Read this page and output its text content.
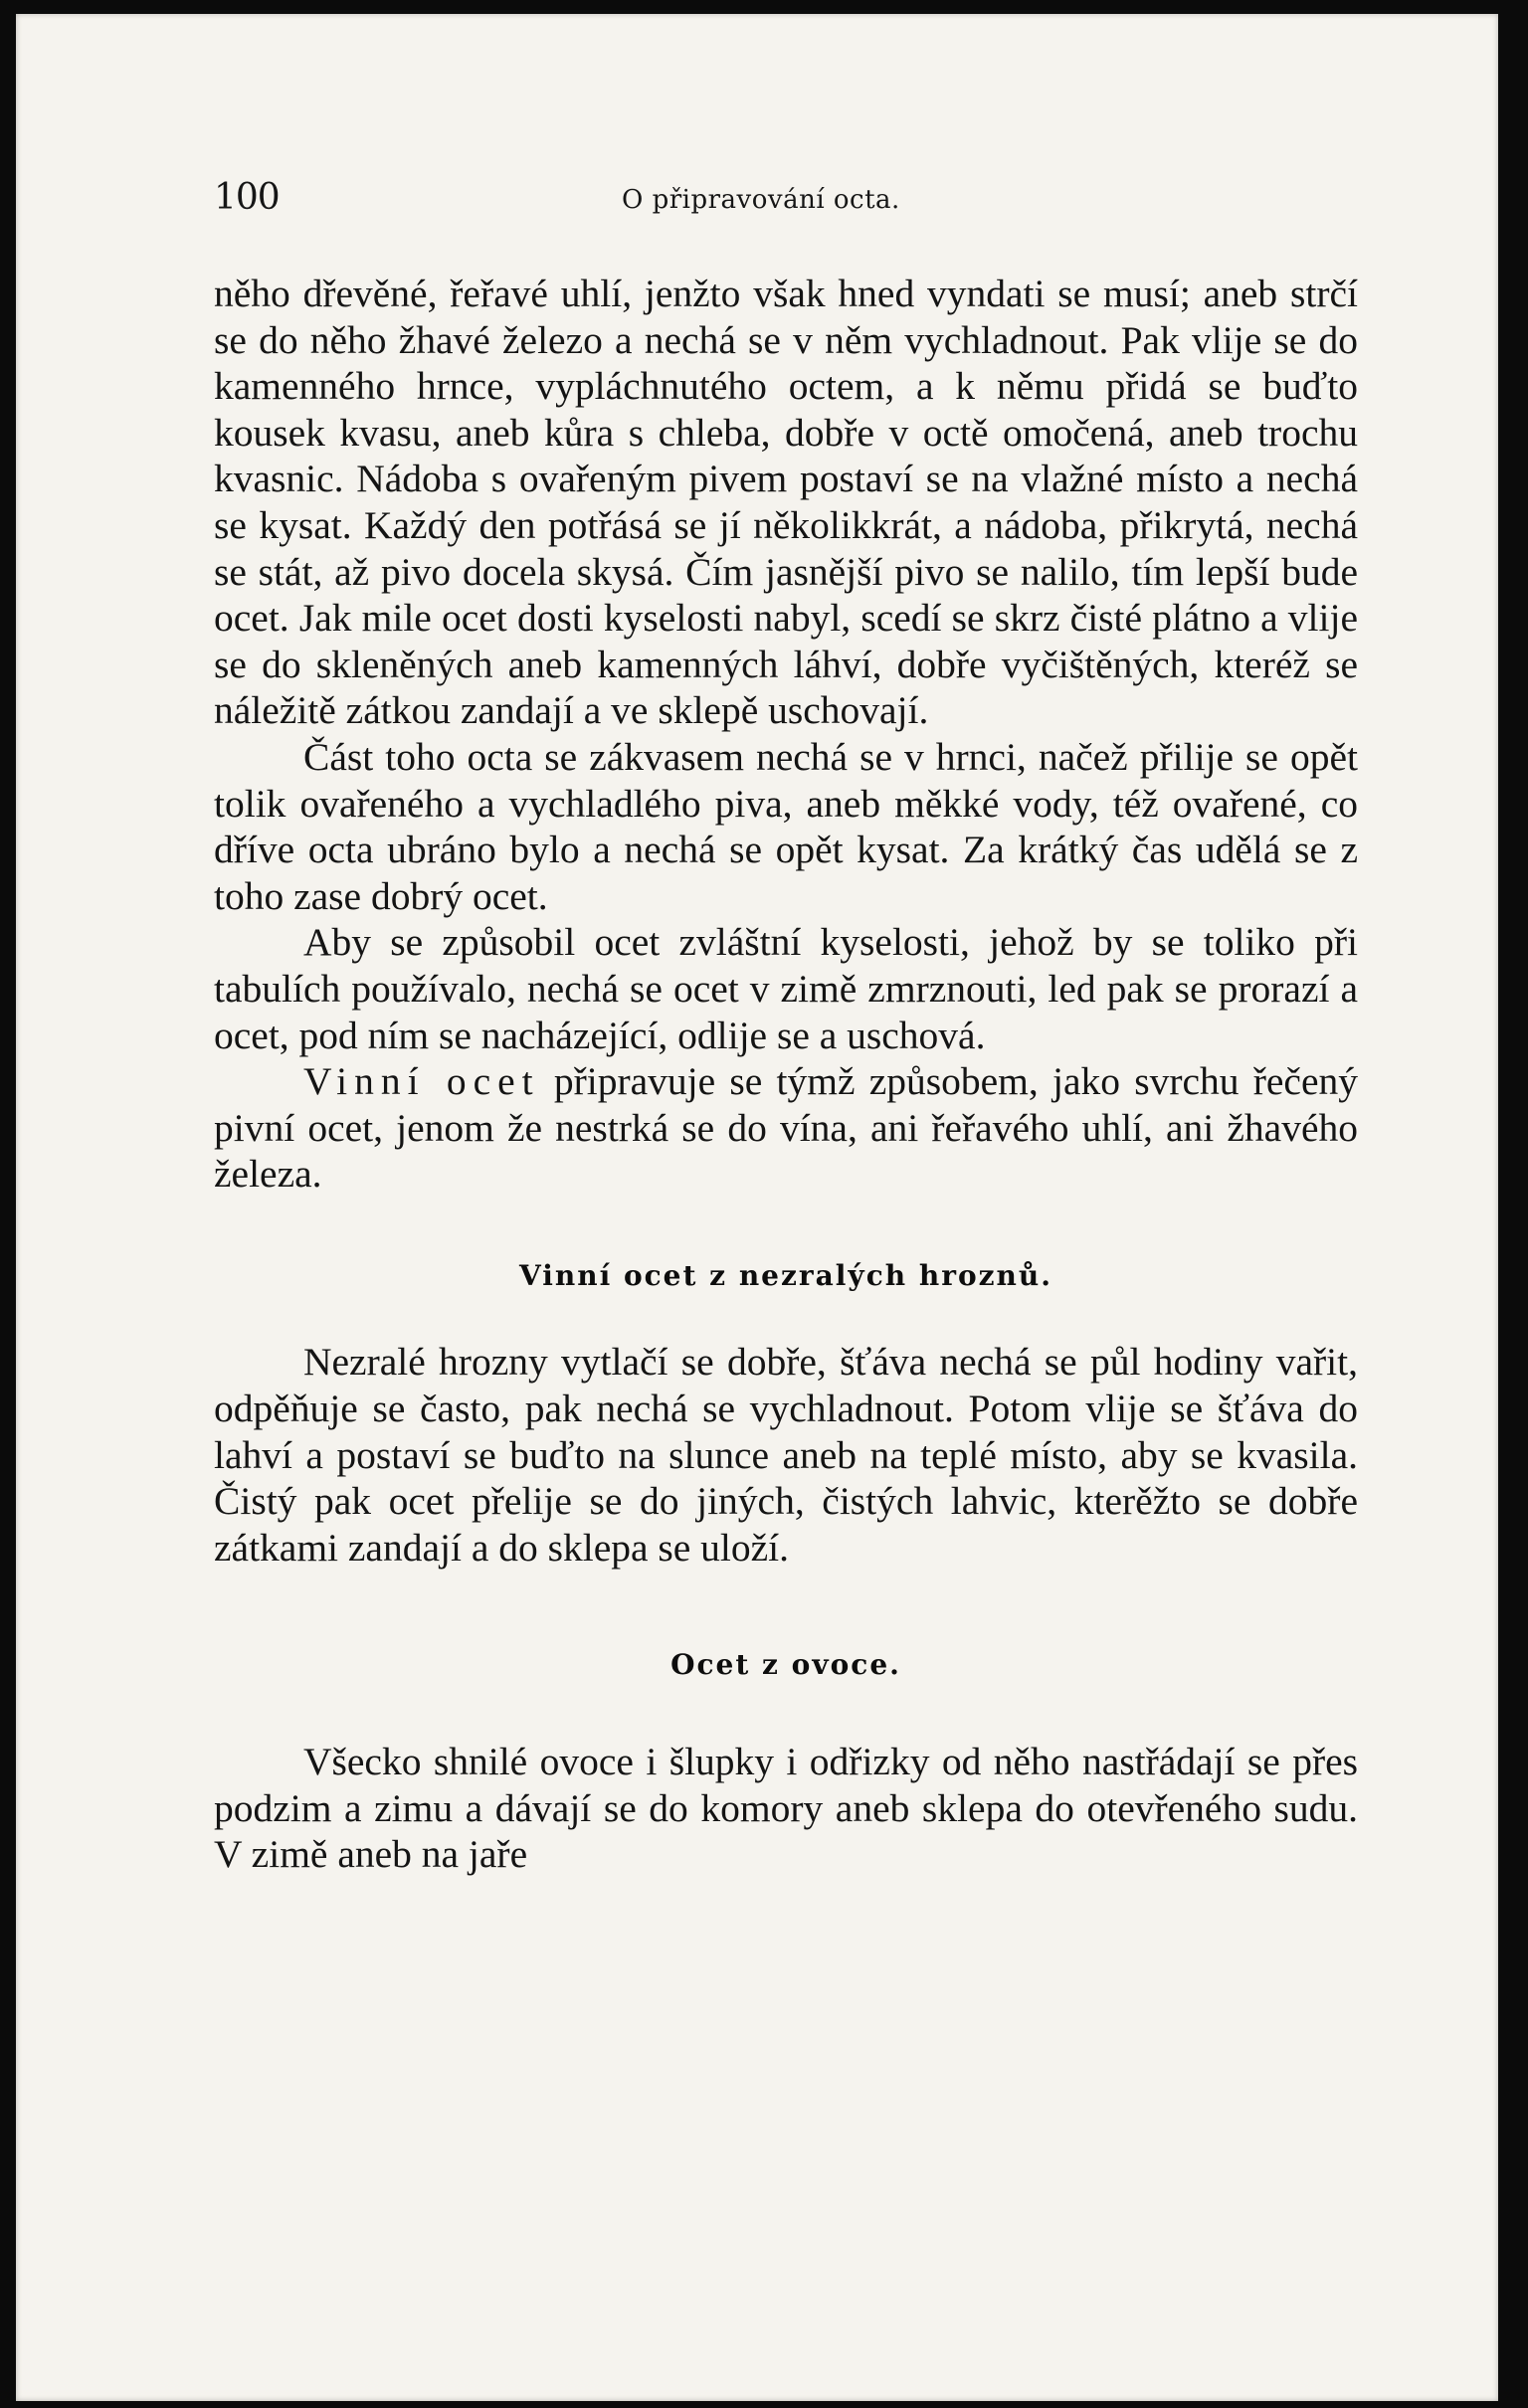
100	O připravování octa.

něho dřevěné, řeřavé uhlí, jenžto však hned vyndati se musí; aneb strčí se do něho žhavé železo a nechá se v něm vychladnout. Pak vlije se do kamenného hrnce, vypláchnutého octem, a k němu přidá se buďto kousek kvasu, aneb kůra s chleba, dobře v octě omočená, aneb trochu kvasnic. Nádoba s ovařeným pivem postaví se na vlažné místo a nechá se kysat. Každý den potřásá se jí několikkrát, a nádoba, přikrytá, nechá se stát, až pivo docela skysá. Čím jasnější pivo se nalilo, tím lepší bude ocet. Jak mile ocet dosti kyselosti nabyl, scedí se skrz čisté plátno a vlije se do skleněných aneb kamenných láhví, dobře vyčištěných, kteréž se náležitě zátkou zandají a ve sklepě uschovají.

Část toho octa se zákvasem nechá se v hrnci, načež přilije se opět tolik ovařeného a vychladlého piva, aneb měkké vody, též ovařené, co dříve octa ubráno bylo a nechá se opět kysat. Za krátký čas udělá se z toho zase dobrý ocet.

Aby se způsobil ocet zvláštní kyselosti, jehož by se toliko při tabulích používalo, nechá se ocet v zimě zmrznouti, led pak se prorazí a ocet, pod ním se nacházející, odlije se a uschová.

Vinní ocet připravuje se týmž způsobem, jako svrchu řečený pivní ocet, jenom že nestrká se do vína, ani řeřavého uhlí, ani žhavého železa.

Vinní ocet z nezralých hroznů.

Nezralé hrozny vytlačí se dobře, šťáva nechá se půl hodiny vařit, odpěňuje se často, pak nechá se vychladnout. Potom vlije se šťáva do lahví a postaví se buďto na slunce aneb na teplé místo, aby se kvasila. Čistý pak ocet přelije se do jiných, čistých lahvic, kterěžto se dobře zátkami zandají a do sklepa se uloží.

Ocet z ovoce.

Všecko shnilé ovoce i šlupky i odřizky od něho nastřádají se přes podzim a zimu a dávají se do komory aneb sklepa do otevřeného sudu. V zimě aneb na jaře
